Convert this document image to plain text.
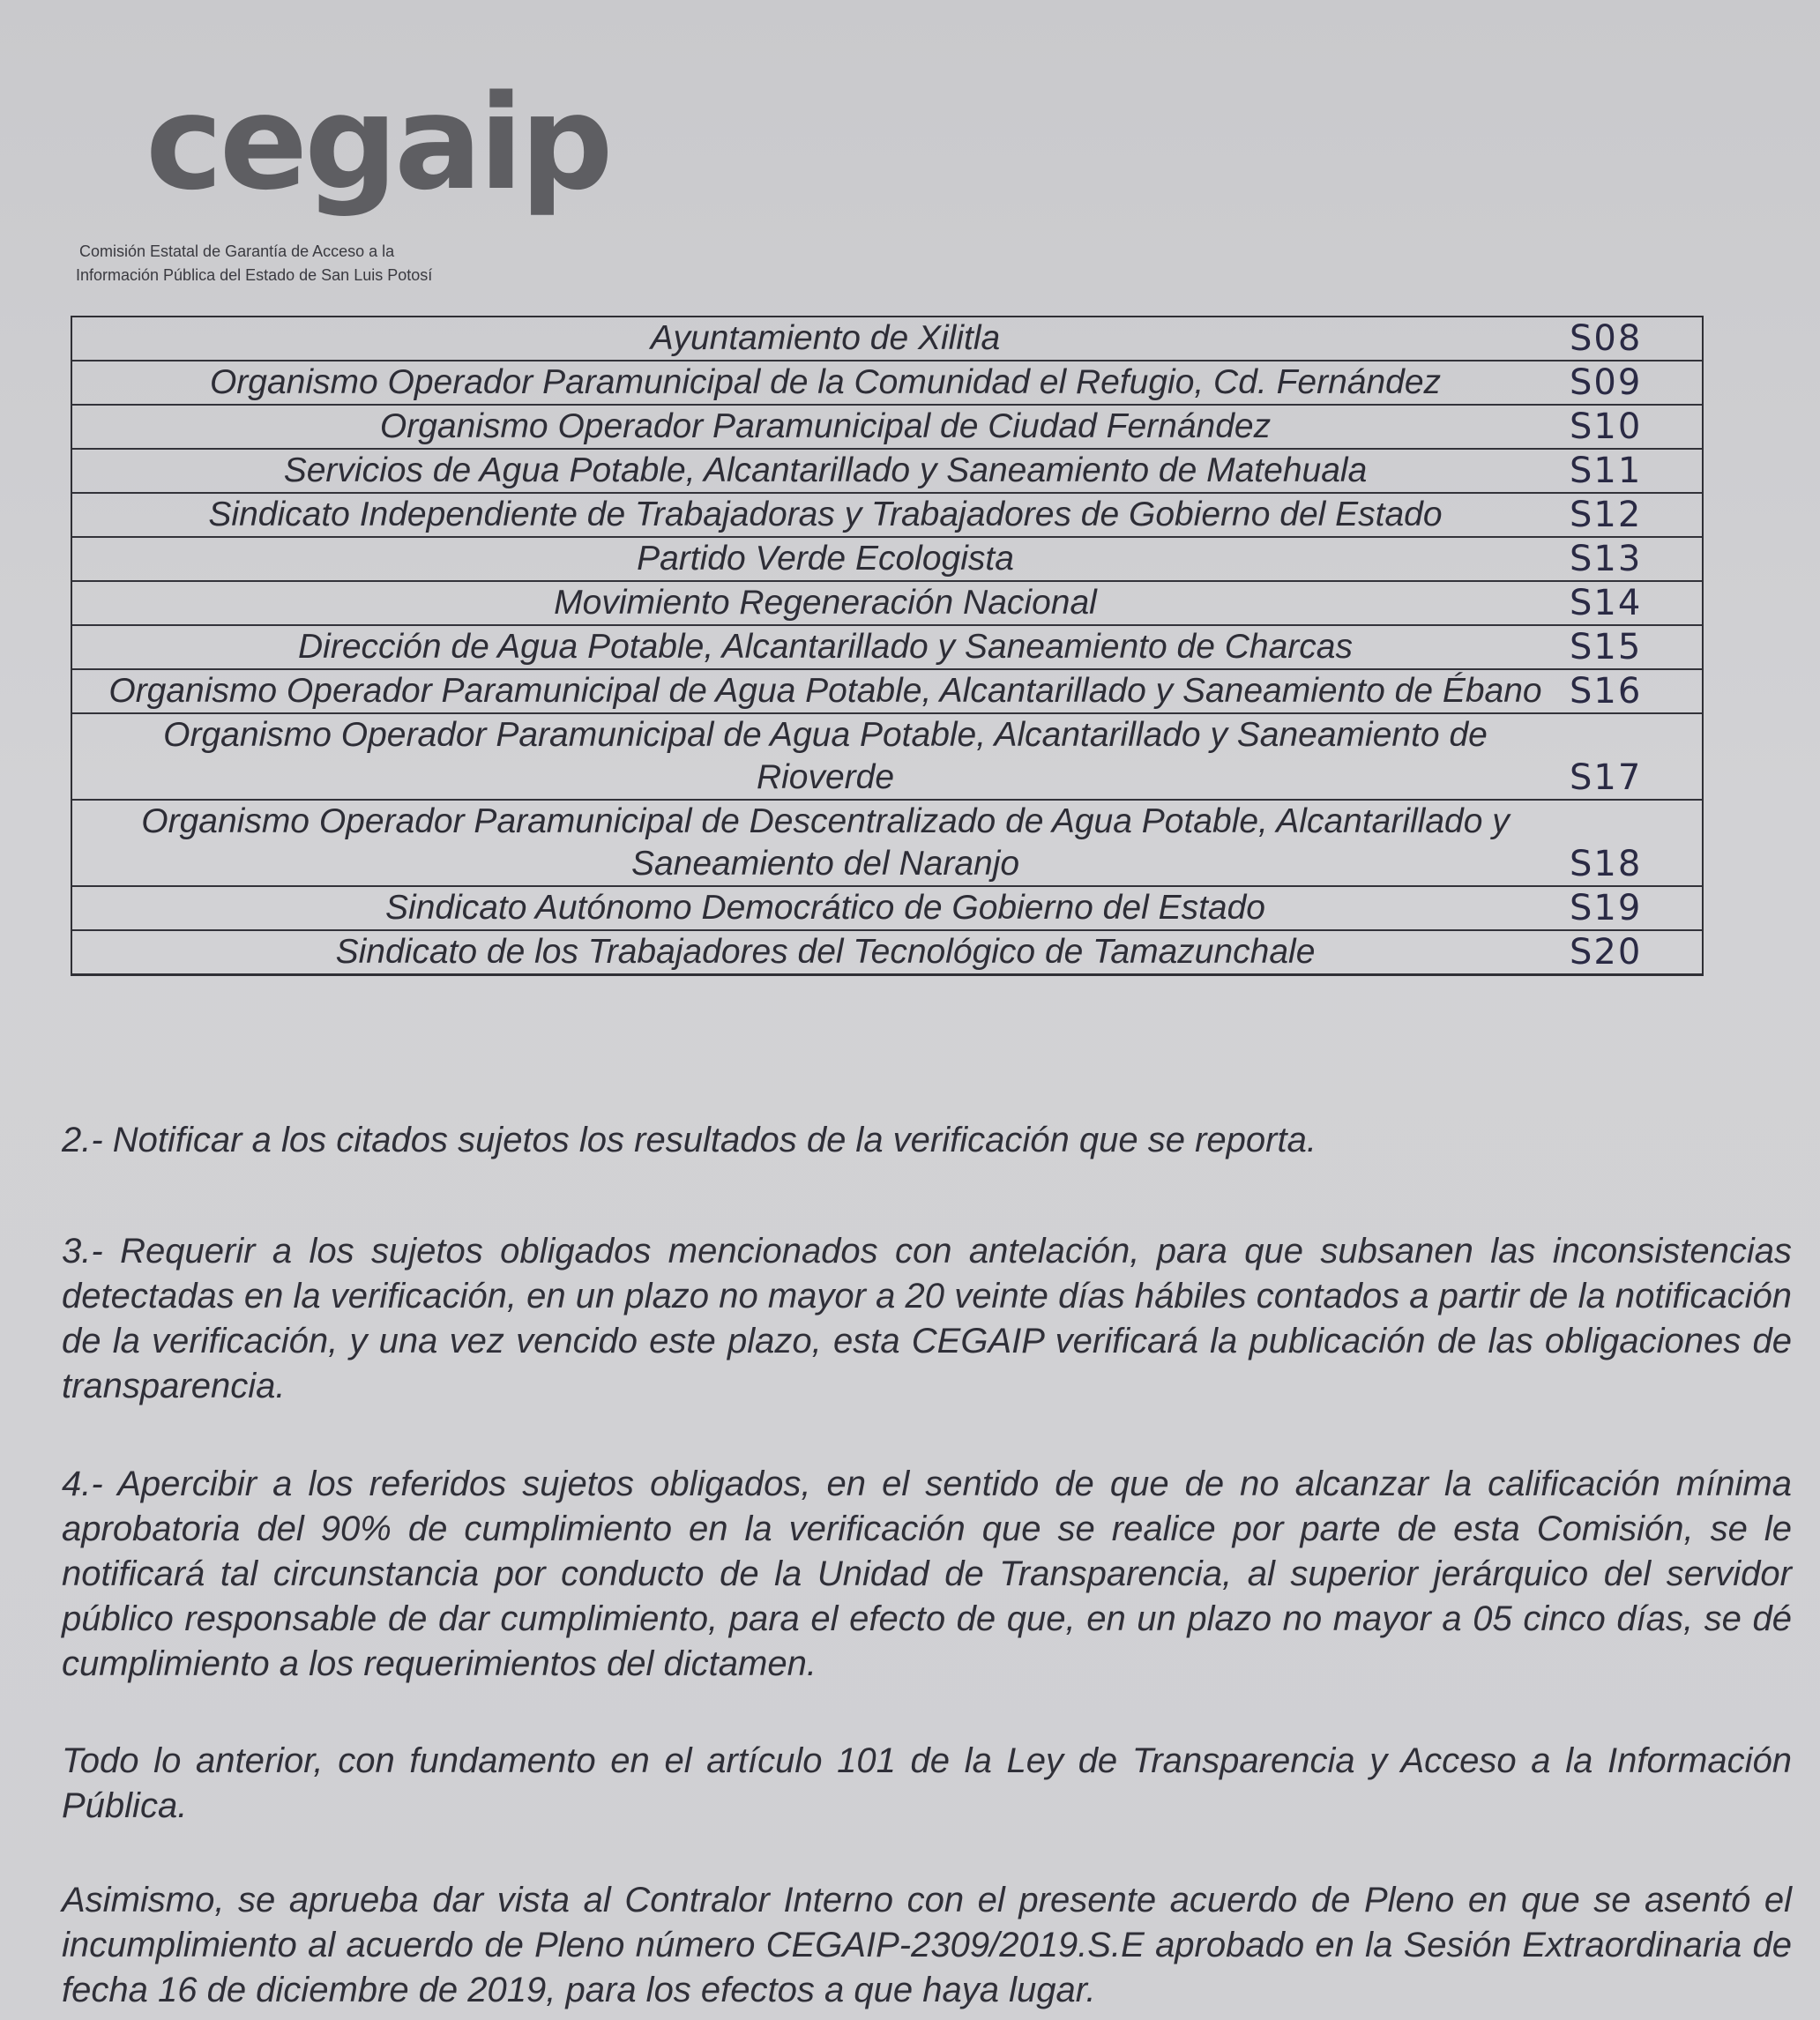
cegaip
Comisión Estatal de Garantía de Acceso a la
Información Pública del Estado de San Luis Potosí
Ayuntamiento de Xilitla	S08
Organismo Operador Paramunicipal de la Comunidad el Refugio, Cd. Fernández	S09
Organismo Operador Paramunicipal de Ciudad Fernández	S10
Servicios de Agua Potable, Alcantarillado y Saneamiento de Matehuala	S11
Sindicato Independiente de Trabajadoras y Trabajadores de Gobierno del Estado	S12
Partido Verde Ecologista	S13
Movimiento Regeneración Nacional	S14
Dirección de Agua Potable, Alcantarillado y Saneamiento de Charcas	S15
Organismo Operador Paramunicipal de Agua Potable, Alcantarillado y Saneamiento de Ébano S16
Organismo Operador Paramunicipal de Agua Potable, Alcantarillado y Saneamiento de Rioverde	S17
Organismo Operador Paramunicipal de Descentralizado de Agua Potable, Alcantarillado y Saneamiento del Naranjo	S18
Sindicato Autónomo Democrático de Gobierno del Estado	S19
Sindicato de los Trabajadores del Tecnológico de Tamazunchale	S20
2.- Notificar a los citados sujetos los resultados de la verificación que se reporta.
3.- Requerir a los sujetos obligados mencionados con antelación, para que subsanen las inconsistencias detectadas en la verificación, en un plazo no mayor a 20 veinte días hábiles contados a partir de la notificación de la verificación, y una vez vencido este plazo, esta CEGAIP verificará la publicación de las obligaciones de transparencia.
4.- Apercibir a los referidos sujetos obligados, en el sentido de que de no alcanzar la calificación mínima aprobatoria del 90% de cumplimiento en la verificación que se realice por parte de esta Comisión, se le notificará tal circunstancia por conducto de la Unidad de Transparencia, al superior jerárquico del servidor público responsable de dar cumplimiento, para el efecto de que, en un plazo no mayor a 05 cinco días, se dé cumplimiento a los requerimientos del dictamen.
Todo lo anterior, con fundamento en el artículo 101 de la Ley de Transparencia y Acceso a la Información Pública.
Asimismo, se aprueba dar vista al Contralor Interno con el presente acuerdo de Pleno en que se asentó el incumplimiento al acuerdo de Pleno número CEGAIP-2309/2019.S.E aprobado en la Sesión Extraordinaria de fecha 16 de diciembre de 2019, para los efectos a que haya lugar.
